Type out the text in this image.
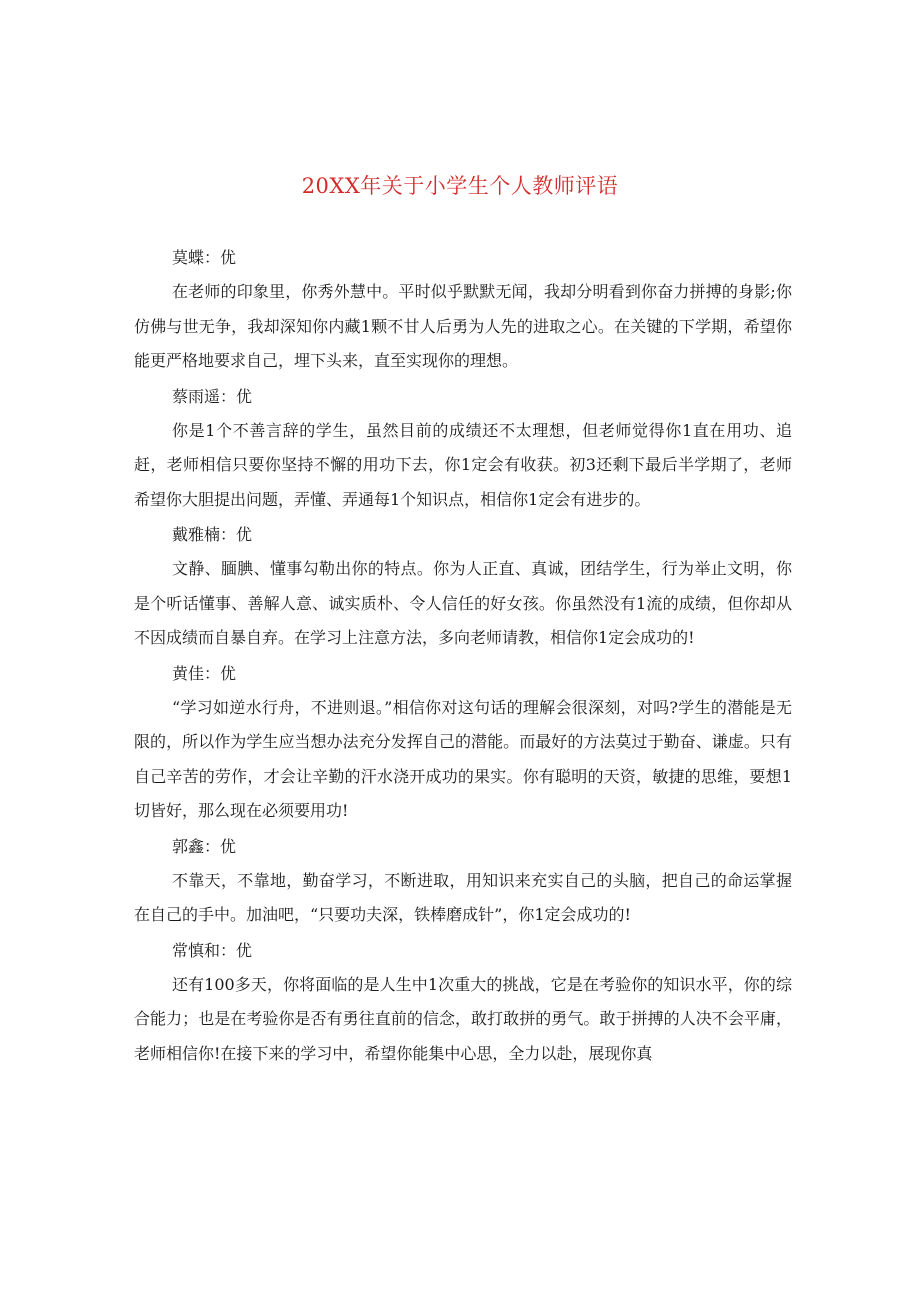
20XX年关于小学生个人教师评语

莫蝶：优

在老师的印象里，你秀外慧中。平时似乎默默无闻，我却分明看到你奋力拼搏的身影;你仿佛与世无争，我却深知你内藏1颗不甘人后勇为人先的进取之心。在关键的下学期，希望你能更严格地要求自己，埋下头来，直至实现你的理想。

蔡雨遥：优

你是1个不善言辞的学生，虽然目前的成绩还不太理想，但老师觉得你1直在用功、追赶，老师相信只要你坚持不懈的用功下去，你1定会有收获。初3还剩下最后半学期了，老师希望你大胆提出问题，弄懂、弄通每1个知识点，相信你1定会有进步的。

戴雅楠：优

文静、腼腆、懂事勾勒出你的特点。你为人正直、真诚，团结学生，行为举止文明，你是个听话懂事、善解人意、诚实质朴、令人信任的好女孩。你虽然没有1流的成绩，但你却从不因成绩而自暴自弃。在学习上注意方法，多向老师请教，相信你1定会成功的!

黄佳：优

“学习如逆水行舟，不进则退。”相信你对这句话的理解会很深刻，对吗?学生的潜能是无限的，所以作为学生应当想办法充分发挥自己的潜能。而最好的方法莫过于勤奋、谦虚。只有自己辛苦的劳作，才会让辛勤的汗水浇开成功的果实。你有聪明的天资，敏捷的思维，要想1切皆好，那么现在必须要用功!

郭鑫：优

不靠天，不靠地，勤奋学习，不断进取，用知识来充实自己的头脑，把自己的命运掌握在自己的手中。加油吧，“只要功夫深，铁棒磨成针”，你1定会成功的!

常慎和：优

还有100多天，你将面临的是人生中1次重大的挑战，它是在考验你的知识水平，你的综合能力；也是在考验你是否有勇往直前的信念，敢打敢拼的勇气。敢于拼搏的人决不会平庸，老师相信你!在接下来的学习中，希望你能集中心思，全力以赴，展现你真
